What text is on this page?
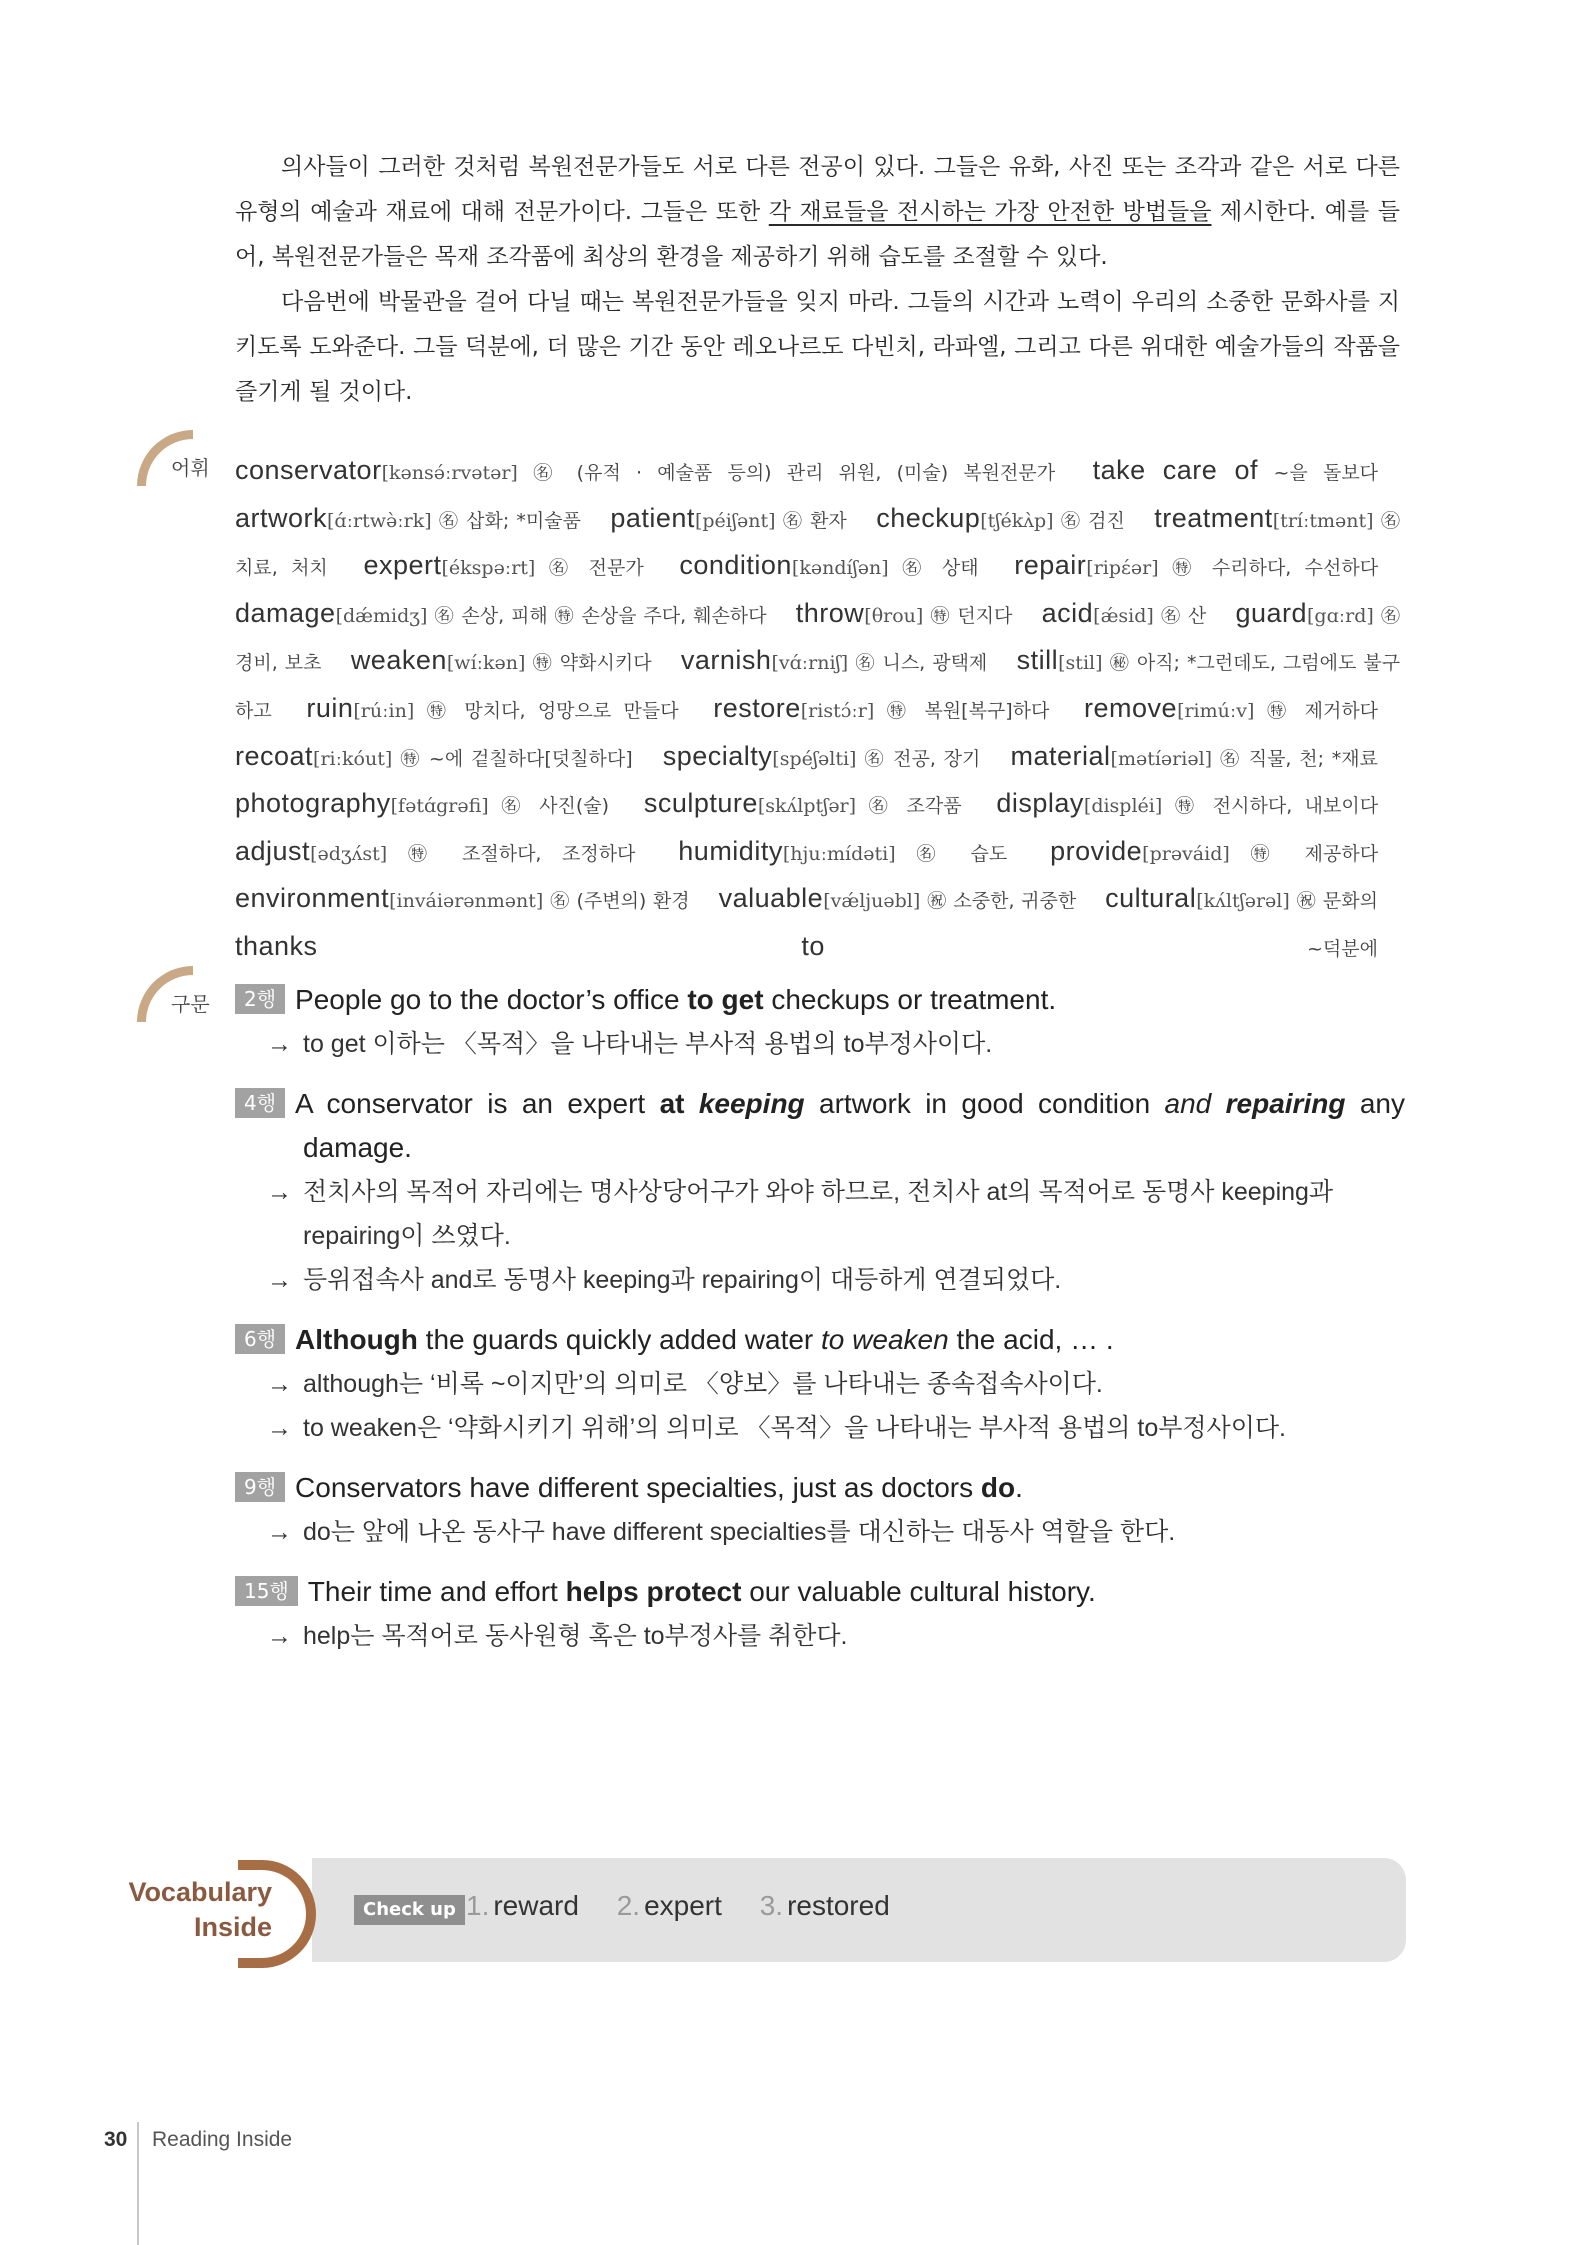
의사들이 그러한 것처럼 복원전문가들도 서로 다른 전공이 있다. 그들은 유화, 사진 또는 조각과 같은 서로 다른 유형의 예술과 재료에 대해 전문가이다. 그들은 또한 각 재료들을 전시하는 가장 안전한 방법들을 제시한다. 예를 들어, 복원전문가들은 목재 조각품에 최상의 환경을 제공하기 위해 습도를 조절할 수 있다.

다음번에 박물관을 걸어 다닐 때는 복원전문가들을 잊지 마라. 그들의 시간과 노력이 우리의 소중한 문화사를 지키도록 도와준다. 그들 덕분에, 더 많은 기간 동안 레오나르도 다빈치, 라파엘, 그리고 다른 위대한 예술가들의 작품을 즐기게 될 것이다.

어휘 conservator[kənsə́ːrvətər] ㊔ (유적 · 예술품 등의) 관리 위원, (미술) 복원전문가 take care of ~을 돌보다 artwork[ɑ́ːrtwə̀ːrk] ㊔ 삽화; *미술품 patient[péiʃənt] ㊔ 환자 checkup[tʃékʌ̀p] ㊔ 검진 treatment[tríːtmənt] ㊔ 치료, 처치 expert[ékspəːrt] ㊔ 전문가 condition[kəndíʃən] ㊔ 상태 repair[ripέər] ㊕ 수리하다, 수선하다 damage[dǽmidʒ] ㊔ 손상, 피해 ㊕ 손상을 주다, 훼손하다 throw[θrou] ㊕ 던지다 acid[ǽsid] ㊔ 산 guard[gɑːrd] ㊔ 경비, 보초 weaken[wíːkən] ㊕ 약화시키다 varnish[vɑ́ːrniʃ] ㊔ 니스, 광택제 still[stil] ㊙ 아직; *그런데도, 그럼에도 불구하고 ruin[rúːin] ㊕ 망치다, 엉망으로 만들다 restore[ristɔ́ːr] ㊕ 복원[복구]하다 remove[rimúːv] ㊕ 제거하다 recoat[riːkóut] ㊕ ~에 겉칠하다[덧칠하다] specialty[spéʃəlti] ㊔ 전공, 장기 material[mətíəriəl] ㊔ 직물, 천; *재료 photography[fətɑ́grəfi] ㊔ 사진(술) sculpture[skʌ́lptʃər] ㊔ 조각품 display[displéi] ㊕ 전시하다, 내보이다 adjust[ədʒʌ́st] ㊕ 조절하다, 조정하다 humidity[hjuːmídəti] ㊔ 습도 provide[prəváid] ㊕ 제공하다 environment[inváiərənmənt] ㊔ (주변의) 환경 valuable[vǽljuəbl] ㊗ 소중한, 귀중한 cultural[kʌ́ltʃərəl] ㊗ 문화의 thanks to	~덕분에
구문	2행 People go to the doctor’s office to get checkups or treatment.
→ to get 이하는 〈목적〉을 나타내는 부사적 용법의 to부정사이다.
4행 A conservator is an expert at keeping artwork in good condition and repairing any damage.
→ 전치사의 목적어 자리에는 명사상당어구가 와야 하므로, 전치사 at의 목적어로 동명사 keeping과 repairing이 쓰였다.
→ 등위접속사 and로 동명사 keeping과 repairing이 대등하게 연결되었다.
6행 Although the guards quickly added water to weaken the acid, … .
→ although는 ‘비록 ~이지만’의 의미로 〈양보〉를 나타내는 종속접속사이다.
→ to weaken은 ‘약화시키기 위해’의 의미로 〈목적〉을 나타내는 부사적 용법의 to부정사이다.
9행 Conservators have different specialties, just as doctors do.
→ do는 앞에 나온 동사구 have different specialties를 대신하는 대동사 역할을 한다.
15행 Their time and effort helps protect our valuable cultural history.
→ help는 목적어로 동사원형 혹은 to부정사를 취한다.
Vocabulary
Inside
Check up 1. reward 2. expert 3. restored
30 Reading Inside
